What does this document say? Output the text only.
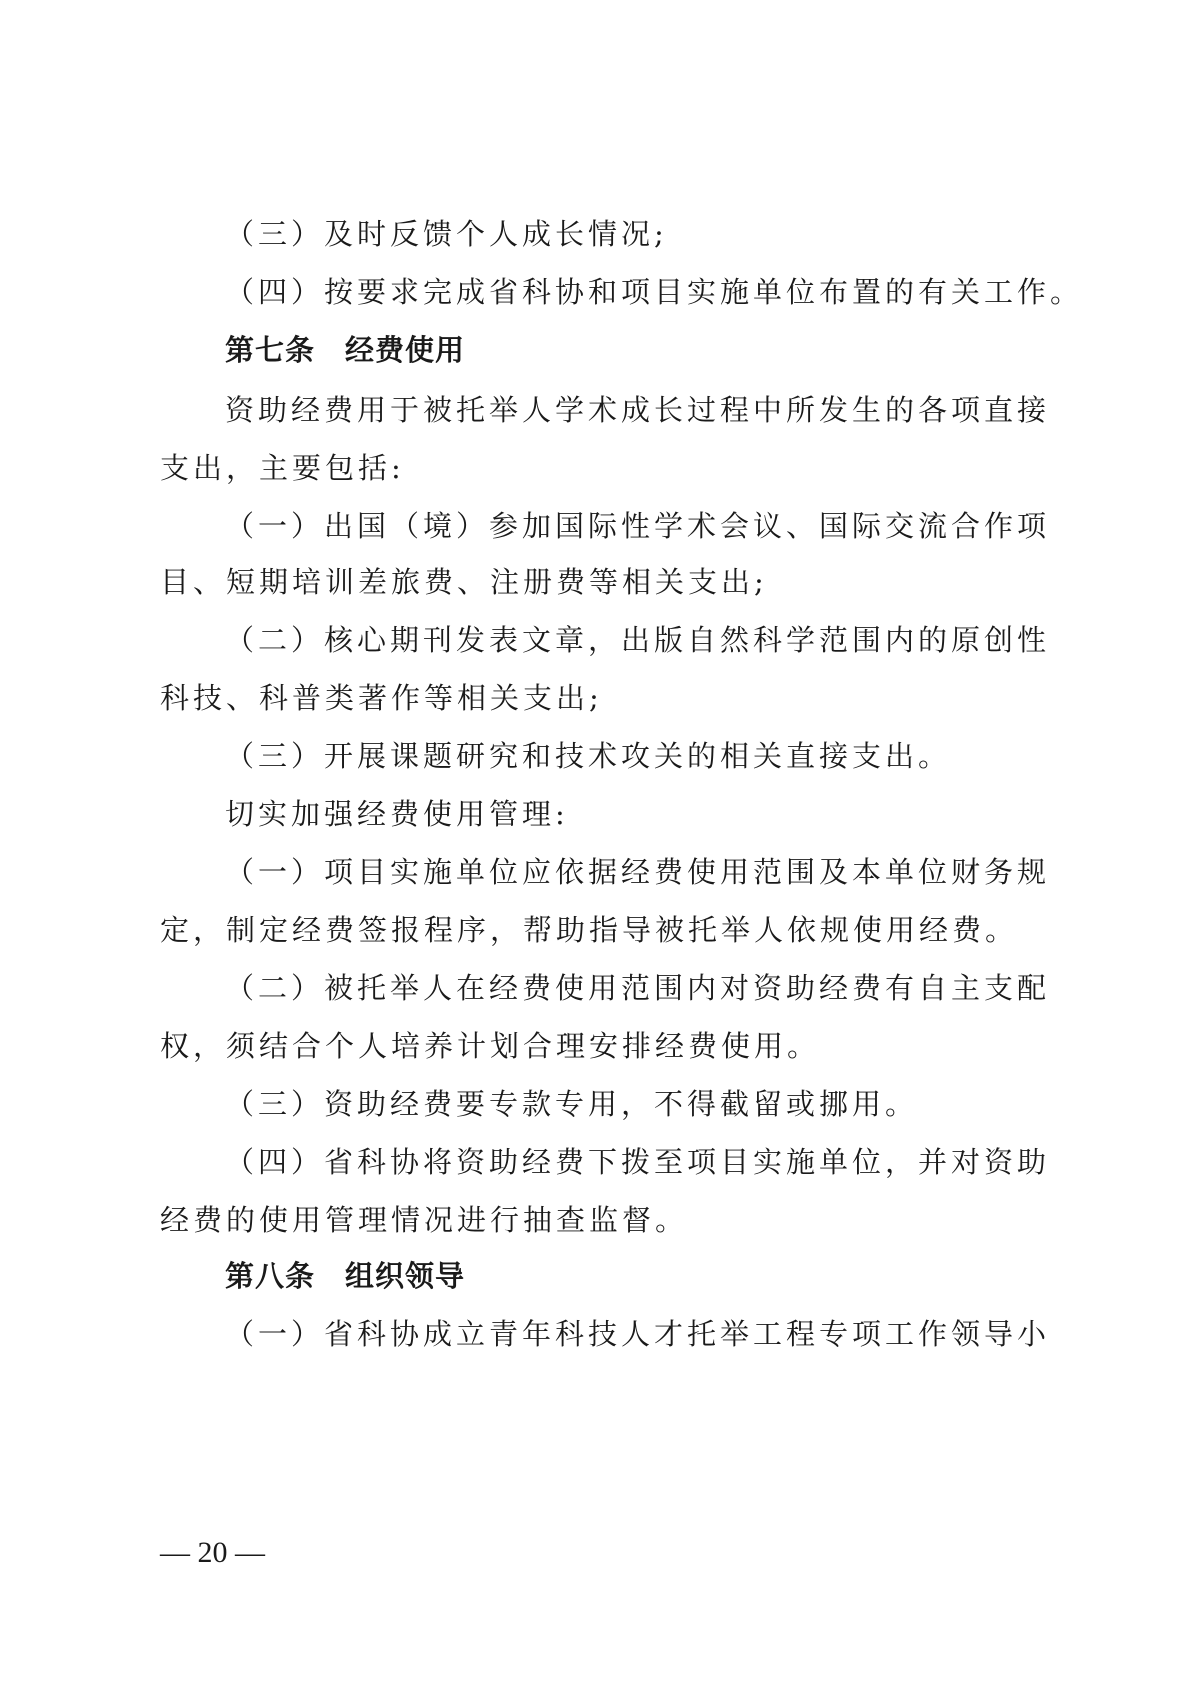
（三）及时反馈个人成长情况;
（四）按要求完成省科协和项目实施单位布置的有关工作。
第七条 经费使用
资助经费用于被托举人学术成长过程中所发生的各项直接
支出，主要包括:
（一）出国（境）参加国际性学术会议、国际交流合作项
目、短期培训差旅费、注册费等相关支出;
（二）核心期刊发表文章，出版自然科学范围内的原创性
科技、科普类著作等相关支出;
（三）开展课题研究和技术攻关的相关直接支出。
切实加强经费使用管理:
（一）项目实施单位应依据经费使用范围及本单位财务规
定，制定经费签报程序，帮助指导被托举人依规使用经费。
（二）被托举人在经费使用范围内对资助经费有自主支配
权，须结合个人培养计划合理安排经费使用。
（三）资助经费要专款专用，不得截留或挪用。
（四）省科协将资助经费下拨至项目实施单位，并对资助
经费的使用管理情况进行抽查监督。
第八条 组织领导
（一）省科协成立青年科技人才托举工程专项工作领导小
— 20 —
